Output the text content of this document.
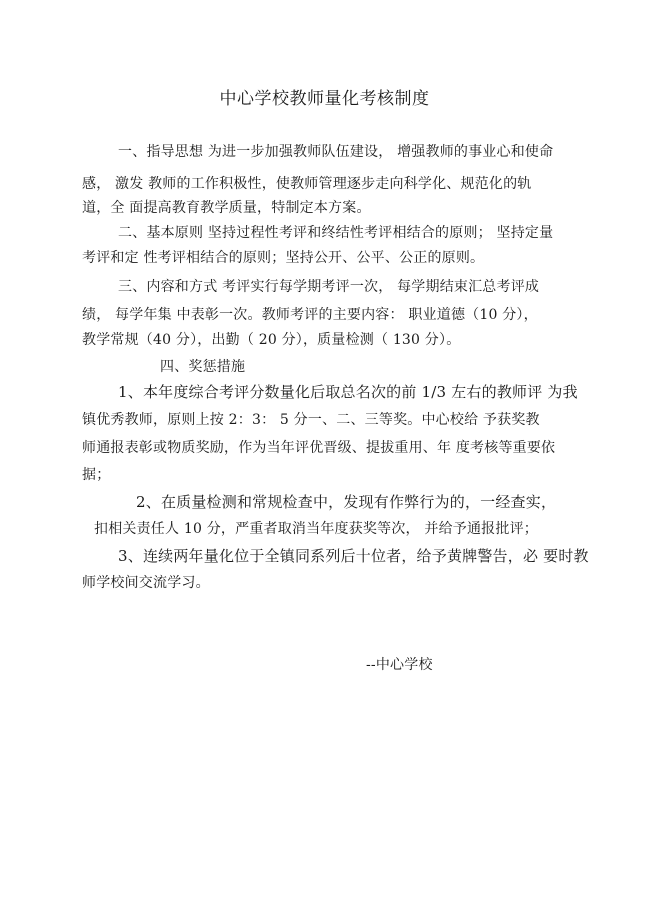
中心学校教师量化考核制度
一、指导思想 为进一步加强教师队伍建设， 增强教师的事业心和使命
感， 激发 教师的工作积极性，使教师管理逐步走向科学化、规范化的轨
道，全 面提高教育教学质量，特制定本方案。
二、基本原则 坚持过程性考评和终结性考评相结合的原则； 坚持定量
考评和定 性考评相结合的原则；坚持公开、公平、公正的原则。
三、内容和方式 考评实行每学期考评一次， 每学期结束汇总考评成
绩， 每学年集 中表彰一次。教师考评的主要内容： 职业道德（10 分），
教学常规（40 分），出勤（ 20 分），质量检测（ 130 分）。
四、奖惩措施
1、本年度综合考评分数量化后取总名次的前 1/3 左右的教师评 为我
镇优秀教师，原则上按 2：3： 5 分一、二、三等奖。中心校给 予获奖教
师通报表彰或物质奖励，作为当年评优晋级、提拔重用、年 度考核等重要依
据；
2、在质量检测和常规检查中，发现有作弊行为的，一经查实，
扣相关责任人 10 分，严重者取消当年度获奖等次， 并给予通报批评；
3、连续两年量化位于全镇同系列后十位者，给予黄牌警告，必 要时教
师学校间交流学习。
--中心学校
